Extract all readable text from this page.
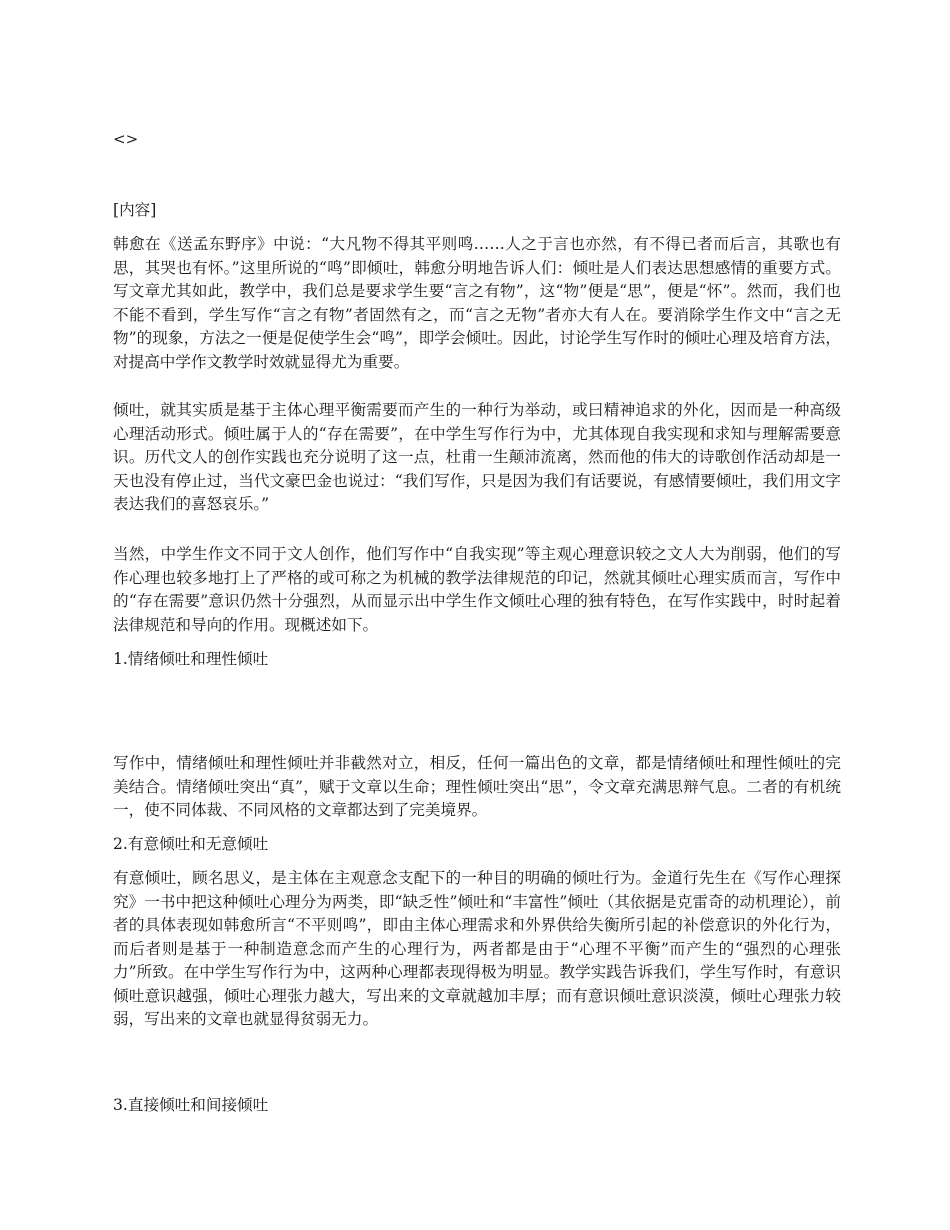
<>

[内容]

韩愈在《送孟东野序》中说：“大凡物不得其平则鸣……人之于言也亦然，有不得已者而后言，其歌也有思，其哭也有怀。”这里所说的“鸣”即倾吐，韩愈分明地告诉人们：倾吐是人们表达思想感情的重要方式。写文章尤其如此，教学中，我们总是要求学生要“言之有物”，这“物”便是“思”，便是“怀”。然而，我们也不能不看到，学生写作“言之有物”者固然有之，而“言之无物”者亦大有人在。要消除学生作文中“言之无物”的现象，方法之一便是促使学生会“鸣”，即学会倾吐。因此，讨论学生写作时的倾吐心理及培育方法，对提高中学作文教学时效就显得尤为重要。

倾吐，就其实质是基于主体心理平衡需要而产生的一种行为举动，或曰精神追求的外化，因而是一种高级心理活动形式。倾吐属于人的“存在需要”，在中学生写作行为中，尤其体现自我实现和求知与理解需要意识。历代文人的创作实践也充分说明了这一点，杜甫一生颠沛流离，然而他的伟大的诗歌创作活动却是一天也没有停止过，当代文豪巴金也说过：“我们写作，只是因为我们有话要说，有感情要倾吐，我们用文字表达我们的喜怒哀乐。”

当然，中学生作文不同于文人创作，他们写作中“自我实现”等主观心理意识较之文人大为削弱，他们的写作心理也较多地打上了严格的或可称之为机械的教学法律规范的印记，然就其倾吐心理实质而言，写作中的“存在需要”意识仍然十分强烈，从而显示出中学生作文倾吐心理的独有特色，在写作实践中，时时起着法律规范和导向的作用。现概述如下。

1.情绪倾吐和理性倾吐

写作中，情绪倾吐和理性倾吐并非截然对立，相反，任何一篇出色的文章，都是情绪倾吐和理性倾吐的完美结合。情绪倾吐突出“真”，赋于文章以生命；理性倾吐突出“思”，令文章充满思辩气息。二者的有机统一，使不同体裁、不同风格的文章都达到了完美境界。

2.有意倾吐和无意倾吐

有意倾吐，顾名思义，是主体在主观意念支配下的一种目的明确的倾吐行为。金道行先生在《写作心理探究》一书中把这种倾吐心理分为两类，即“缺乏性”倾吐和“丰富性”倾吐（其依据是克雷奇的动机理论），前者的具体表现如韩愈所言“不平则鸣”，即由主体心理需求和外界供给失衡所引起的补偿意识的外化行为，而后者则是基于一种制造意念而产生的心理行为，两者都是由于“心理不平衡”而产生的“强烈的心理张力”所致。在中学生写作行为中，这两种心理都表现得极为明显。教学实践告诉我们，学生写作时，有意识倾吐意识越强，倾吐心理张力越大，写出来的文章就越加丰厚；而有意识倾吐意识淡漠，倾吐心理张力较弱，写出来的文章也就显得贫弱无力。

3.直接倾吐和间接倾吐
